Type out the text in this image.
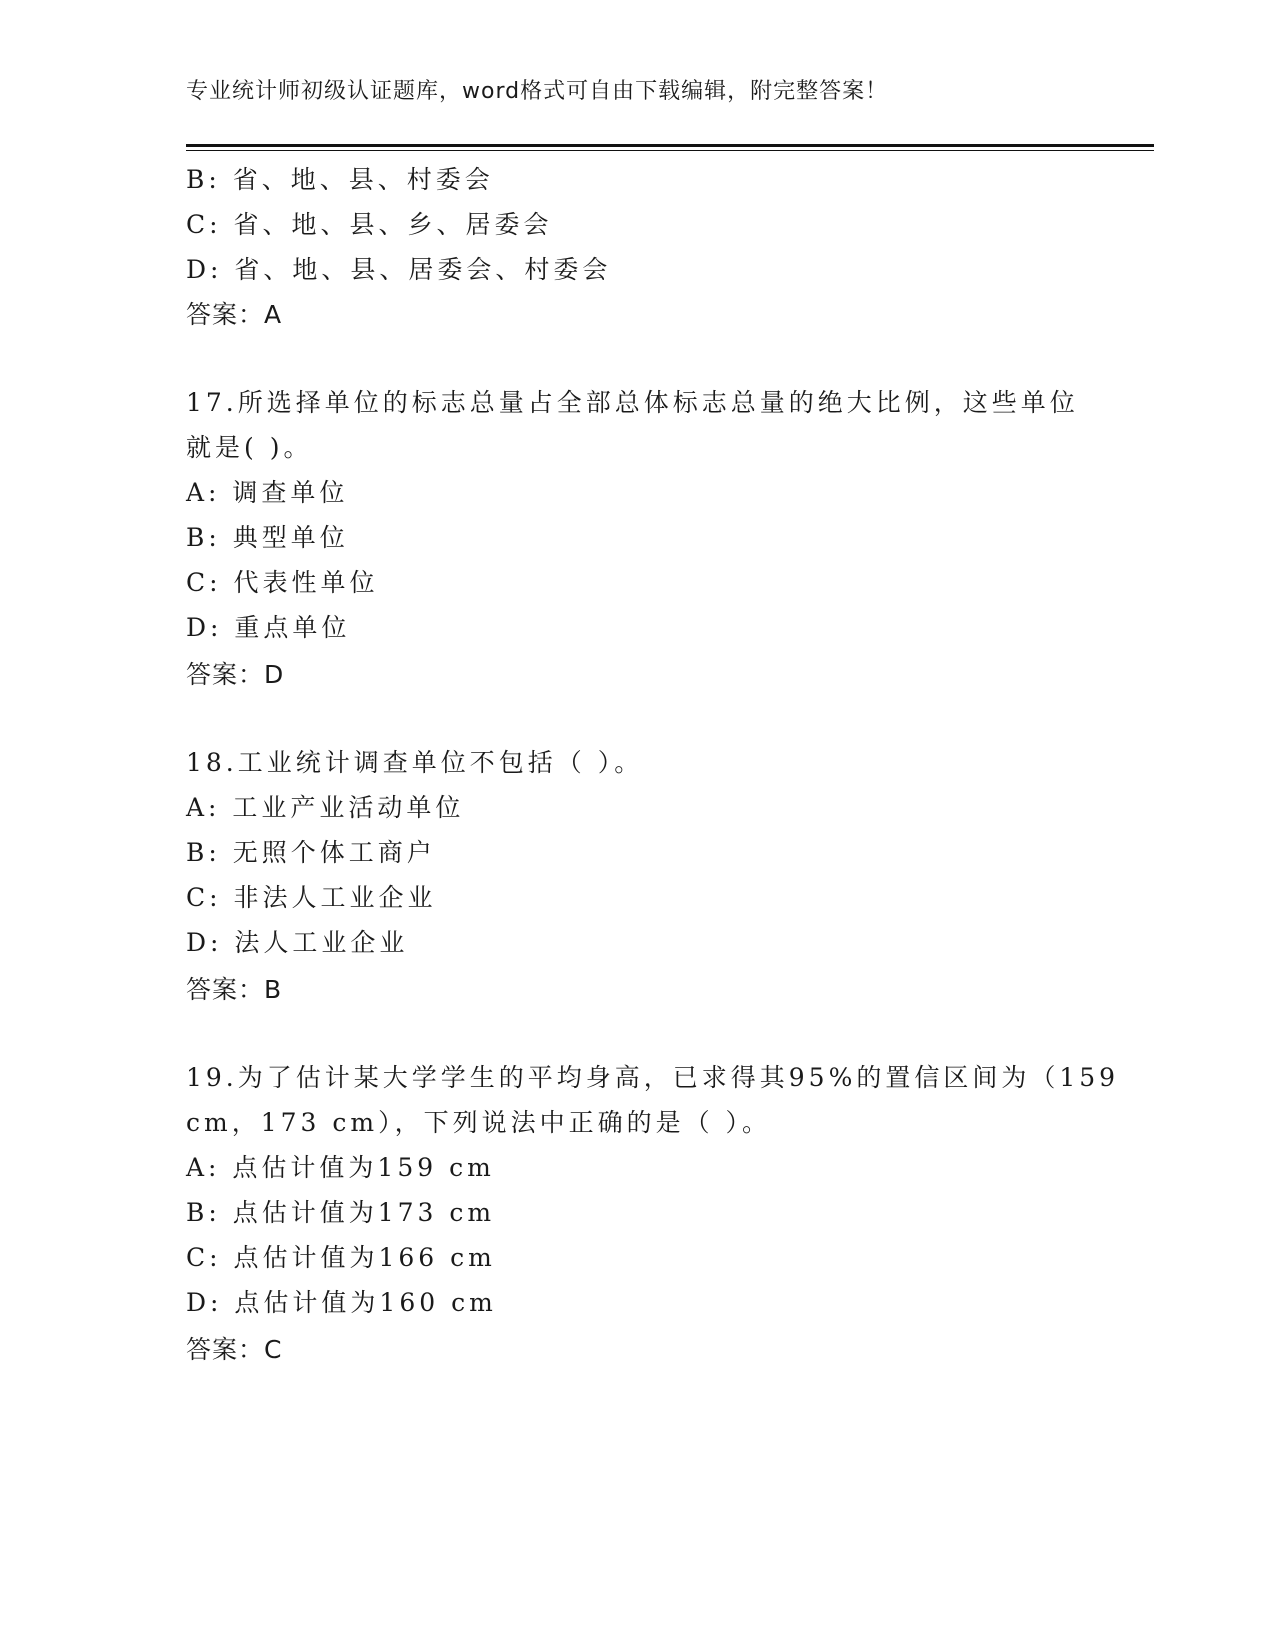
专业统计师初级认证题库，word格式可自由下载编辑，附完整答案！
B: 省、地、县、村委会
C: 省、地、县、乡、居委会
D: 省、地、县、居委会、村委会
答案：A
17.所选择单位的标志总量占全部总体标志总量的绝大比例，这些单位
就是( )。
A: 调查单位
B: 典型单位
C: 代表性单位
D: 重点单位
答案：D
18.工业统计调查单位不包括（ ）。
A: 工业产业活动单位
B: 无照个体工商户
C: 非法人工业企业
D: 法人工业企业
答案：B
19.为了估计某大学学生的平均身高，已求得其95%的置信区间为（159
cm，173 cm），下列说法中正确的是（ ）。
A: 点估计值为159 cm
B: 点估计值为173 cm
C: 点估计值为166 cm
D: 点估计值为160 cm
答案：C
